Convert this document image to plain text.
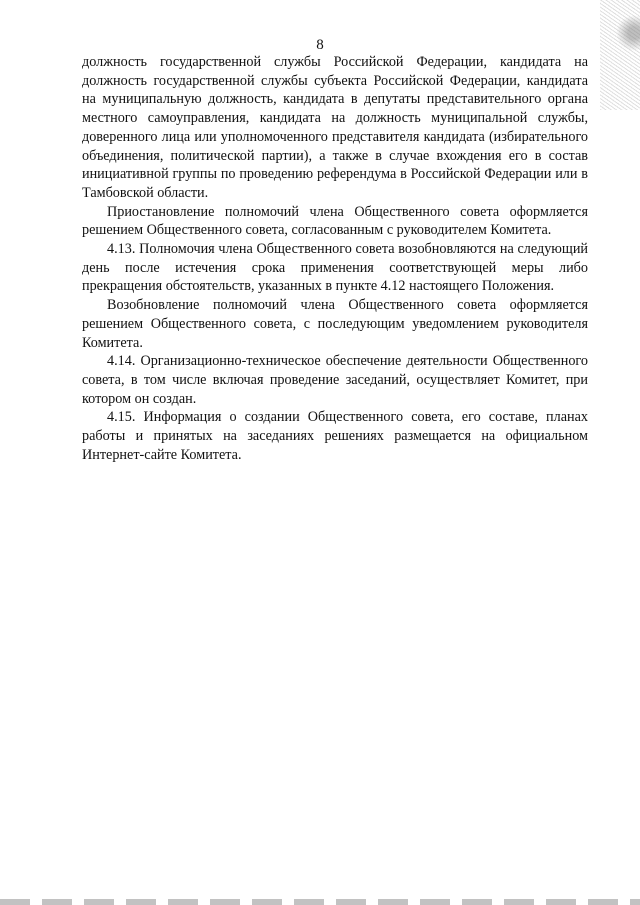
8

должность государственной службы Российской Федерации, кандидата на должность государственной службы субъекта Российской Федерации, кандидата на муниципальную должность, кандидата в депутаты представительного органа местного самоуправления, кандидата на должность муниципальной службы, доверенного лица или уполномоченного представителя кандидата (избирательного объединения, политической партии), а также в случае вхождения его в состав инициативной группы по проведению референдума в Российской Федерации или в Тамбовской области.

Приостановление полномочий члена Общественного совета оформляется решением Общественного совета, согласованным с руководителем Комитета.

4.13. Полномочия члена Общественного совета возобновляются на следующий день после истечения срока применения соответствующей меры либо прекращения обстоятельств, указанных в пункте 4.12 настоящего Положения.

Возобновление полномочий члена Общественного совета оформляется решением Общественного совета, с последующим уведомлением руководителя Комитета.

4.14. Организационно-техническое обеспечение деятельности Общественного совета, в том числе включая проведение заседаний, осуществляет Комитет, при котором он создан.

4.15. Информация о создании Общественного совета, его составе, планах работы и принятых на заседаниях решениях размещается на официальном Интернет-сайте Комитета.
